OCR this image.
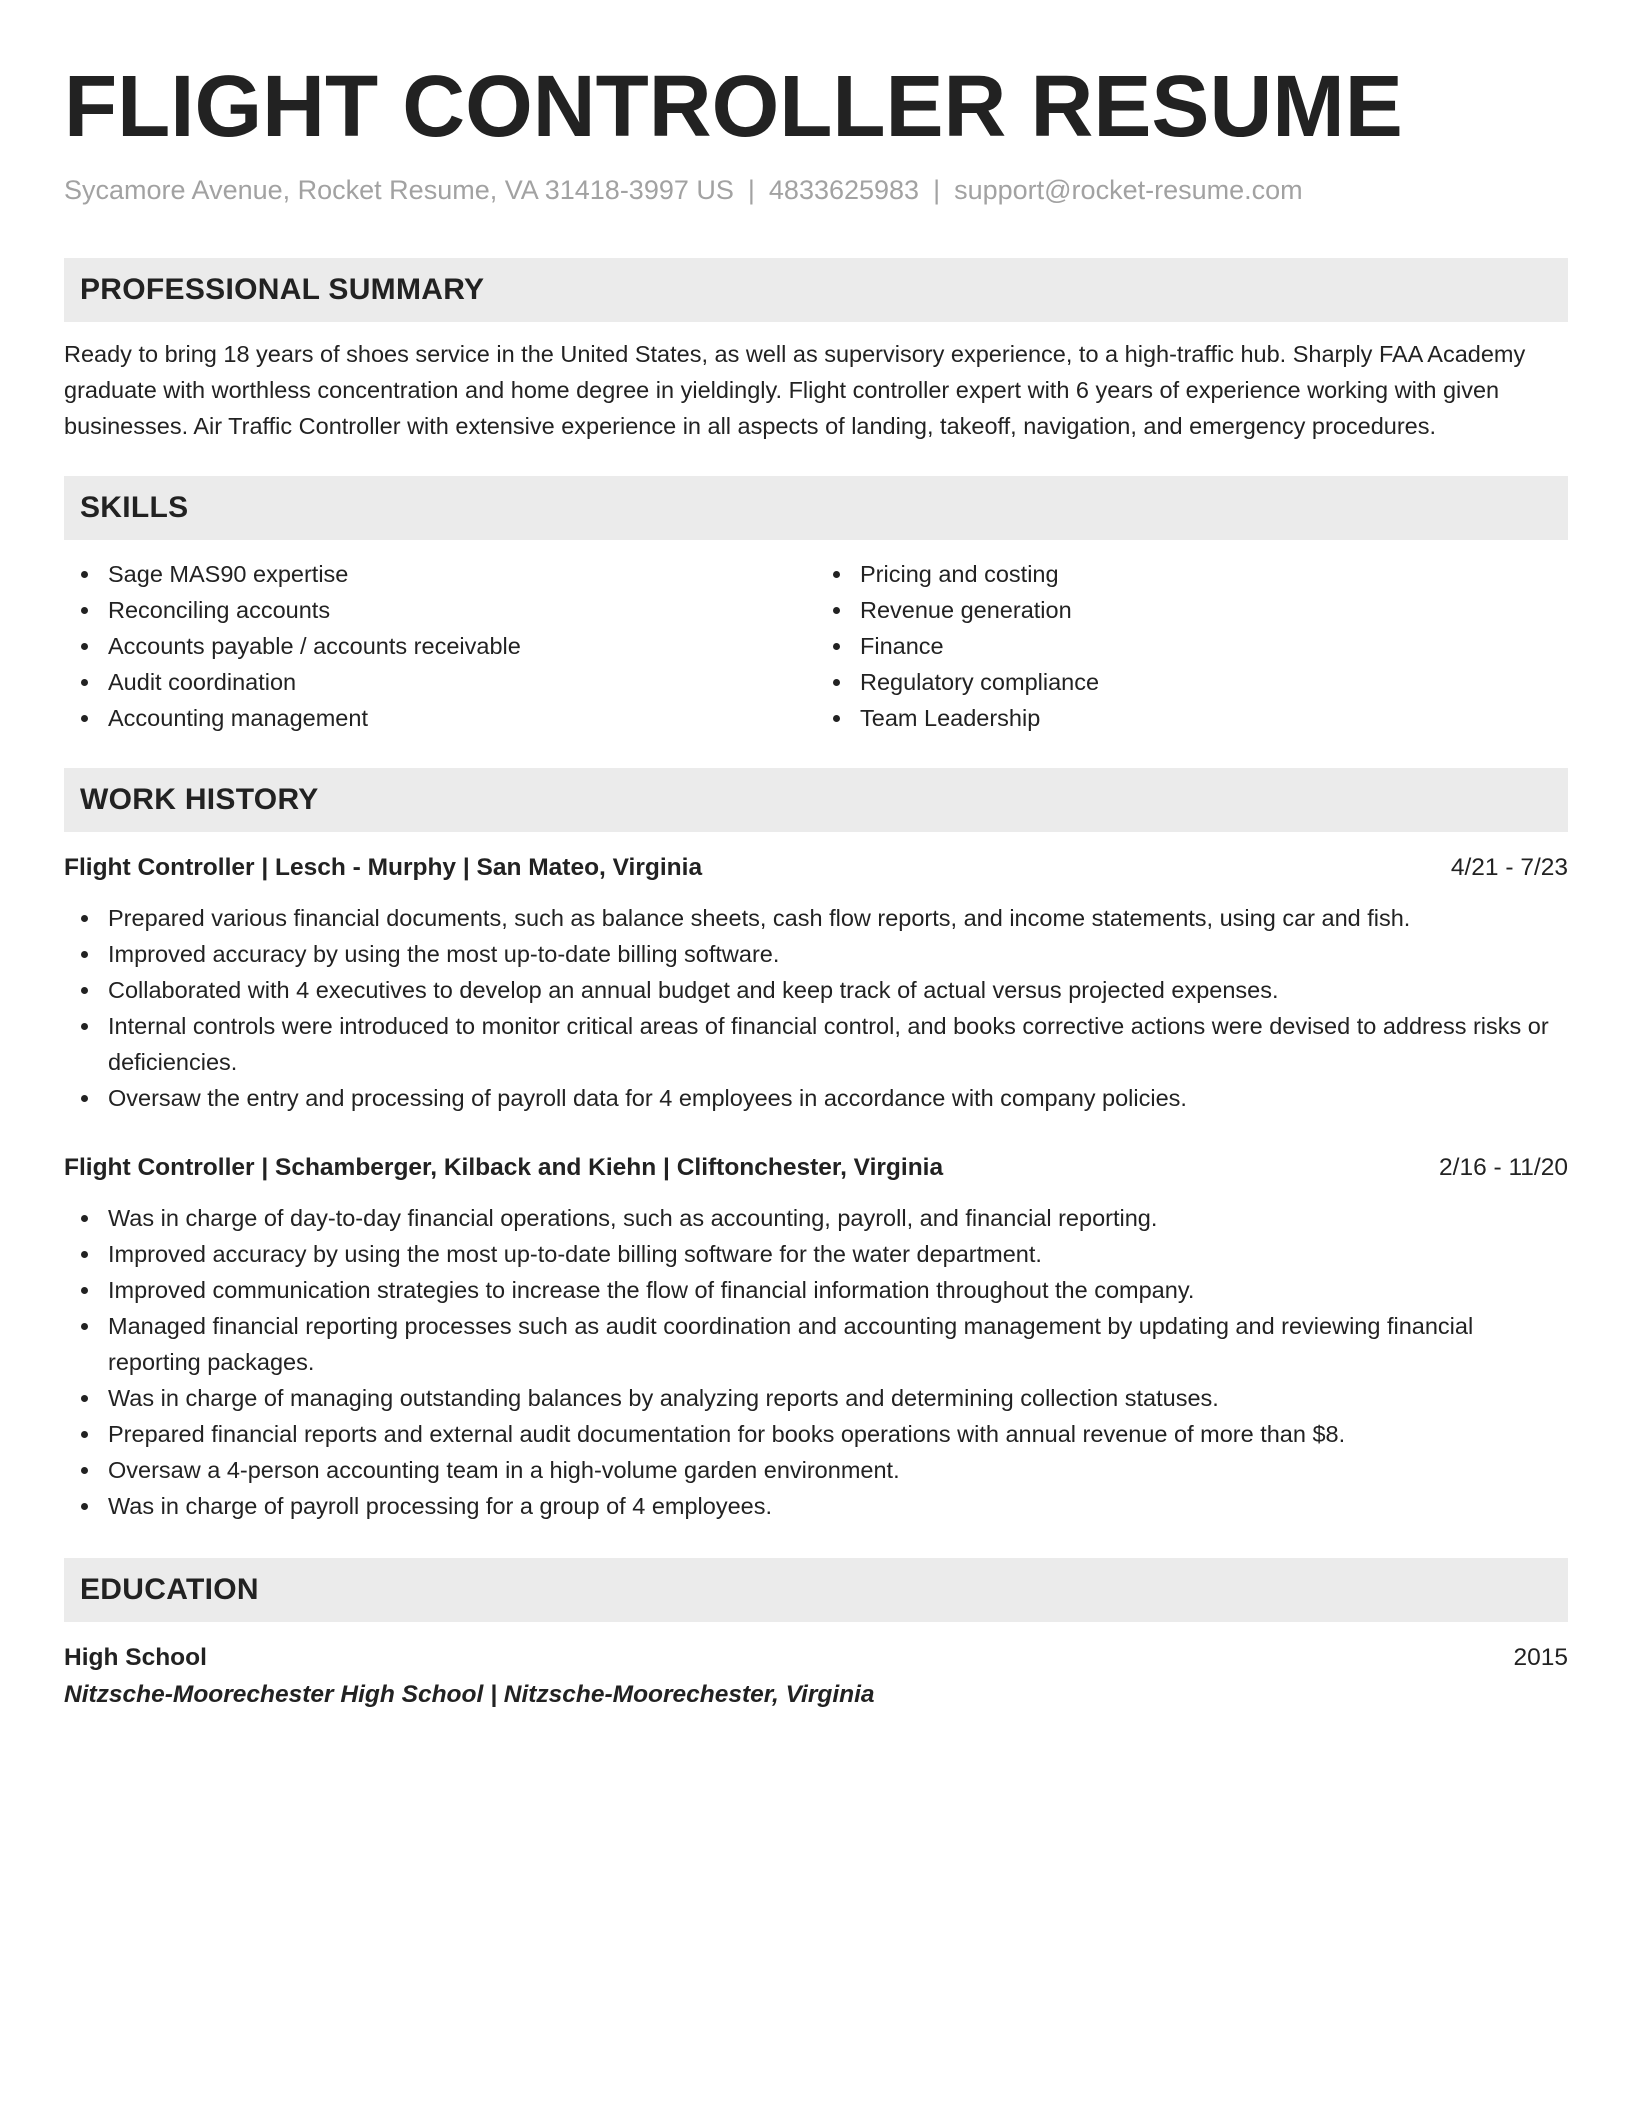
FLIGHT CONTROLLER RESUME
Sycamore Avenue, Rocket Resume, VA 31418-3997 US | 4833625983 | support@rocket-resume.com
PROFESSIONAL SUMMARY
Ready to bring 18 years of shoes service in the United States, as well as supervisory experience, to a high-traffic hub. Sharply FAA Academy graduate with worthless concentration and home degree in yieldingly. Flight controller expert with 6 years of experience working with given businesses. Air Traffic Controller with extensive experience in all aspects of landing, takeoff, navigation, and emergency procedures.
SKILLS
Sage MAS90 expertise
Reconciling accounts
Accounts payable / accounts receivable
Audit coordination
Accounting management
Pricing and costing
Revenue generation
Finance
Regulatory compliance
Team Leadership
WORK HISTORY
Flight Controller | Lesch - Murphy | San Mateo, Virginia	4/21 - 7/23
Prepared various financial documents, such as balance sheets, cash flow reports, and income statements, using car and fish.
Improved accuracy by using the most up-to-date billing software.
Collaborated with 4 executives to develop an annual budget and keep track of actual versus projected expenses.
Internal controls were introduced to monitor critical areas of financial control, and books corrective actions were devised to address risks or deficiencies.
Oversaw the entry and processing of payroll data for 4 employees in accordance with company policies.
Flight Controller | Schamberger, Kilback and Kiehn | Cliftonchester, Virginia	2/16 - 11/20
Was in charge of day-to-day financial operations, such as accounting, payroll, and financial reporting.
Improved accuracy by using the most up-to-date billing software for the water department.
Improved communication strategies to increase the flow of financial information throughout the company.
Managed financial reporting processes such as audit coordination and accounting management by updating and reviewing financial reporting packages.
Was in charge of managing outstanding balances by analyzing reports and determining collection statuses.
Prepared financial reports and external audit documentation for books operations with annual revenue of more than $8.
Oversaw a 4-person accounting team in a high-volume garden environment.
Was in charge of payroll processing for a group of 4 employees.
EDUCATION
High School	2015
Nitzsche-Moorechester High School | Nitzsche-Moorechester, Virginia
